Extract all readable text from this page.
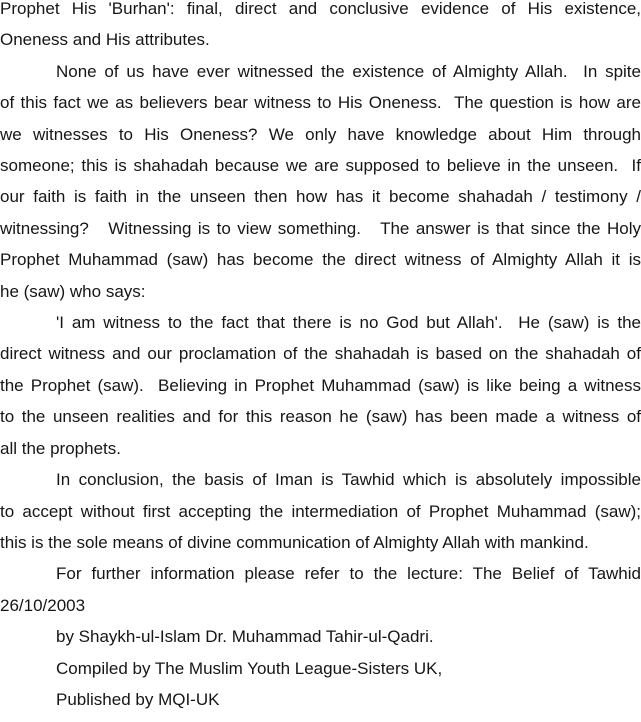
Prophet His 'Burhan': final, direct and conclusive evidence of His existence,
Oneness and His attributes.
None of us have ever witnessed the existence of Almighty Allah.  In spite
of this fact we as believers bear witness to His Oneness.  The question is how are
we witnesses to His Oneness? We only have knowledge about Him through
someone; this is shahadah because we are supposed to believe in the unseen.  If
our faith is faith in the unseen then how has it become shahadah / testimony /
witnessing?   Witnessing is to view something.   The answer is that since the Holy
Prophet Muhammad (saw) has become the direct witness of Almighty Allah it is
he (saw) who says:
'I am witness to the fact that there is no God but Allah'.  He (saw) is the
direct witness and our proclamation of the shahadah is based on the shahadah of
the Prophet (saw).  Believing in Prophet Muhammad (saw) is like being a witness
to the unseen realities and for this reason he (saw) has been made a witness of
all the prophets.
In conclusion, the basis of Iman is Tawhid which is absolutely impossible
to accept without first accepting the intermediation of Prophet Muhammad (saw);
this is the sole means of divine communication of Almighty Allah with mankind.
For further information please refer to the lecture: The Belief of Tawhid
26/10/2003
by Shaykh-ul-Islam Dr. Muhammad Tahir-ul-Qadri.
Compiled by The Muslim Youth League-Sisters UK,
Published by MQI-UK
